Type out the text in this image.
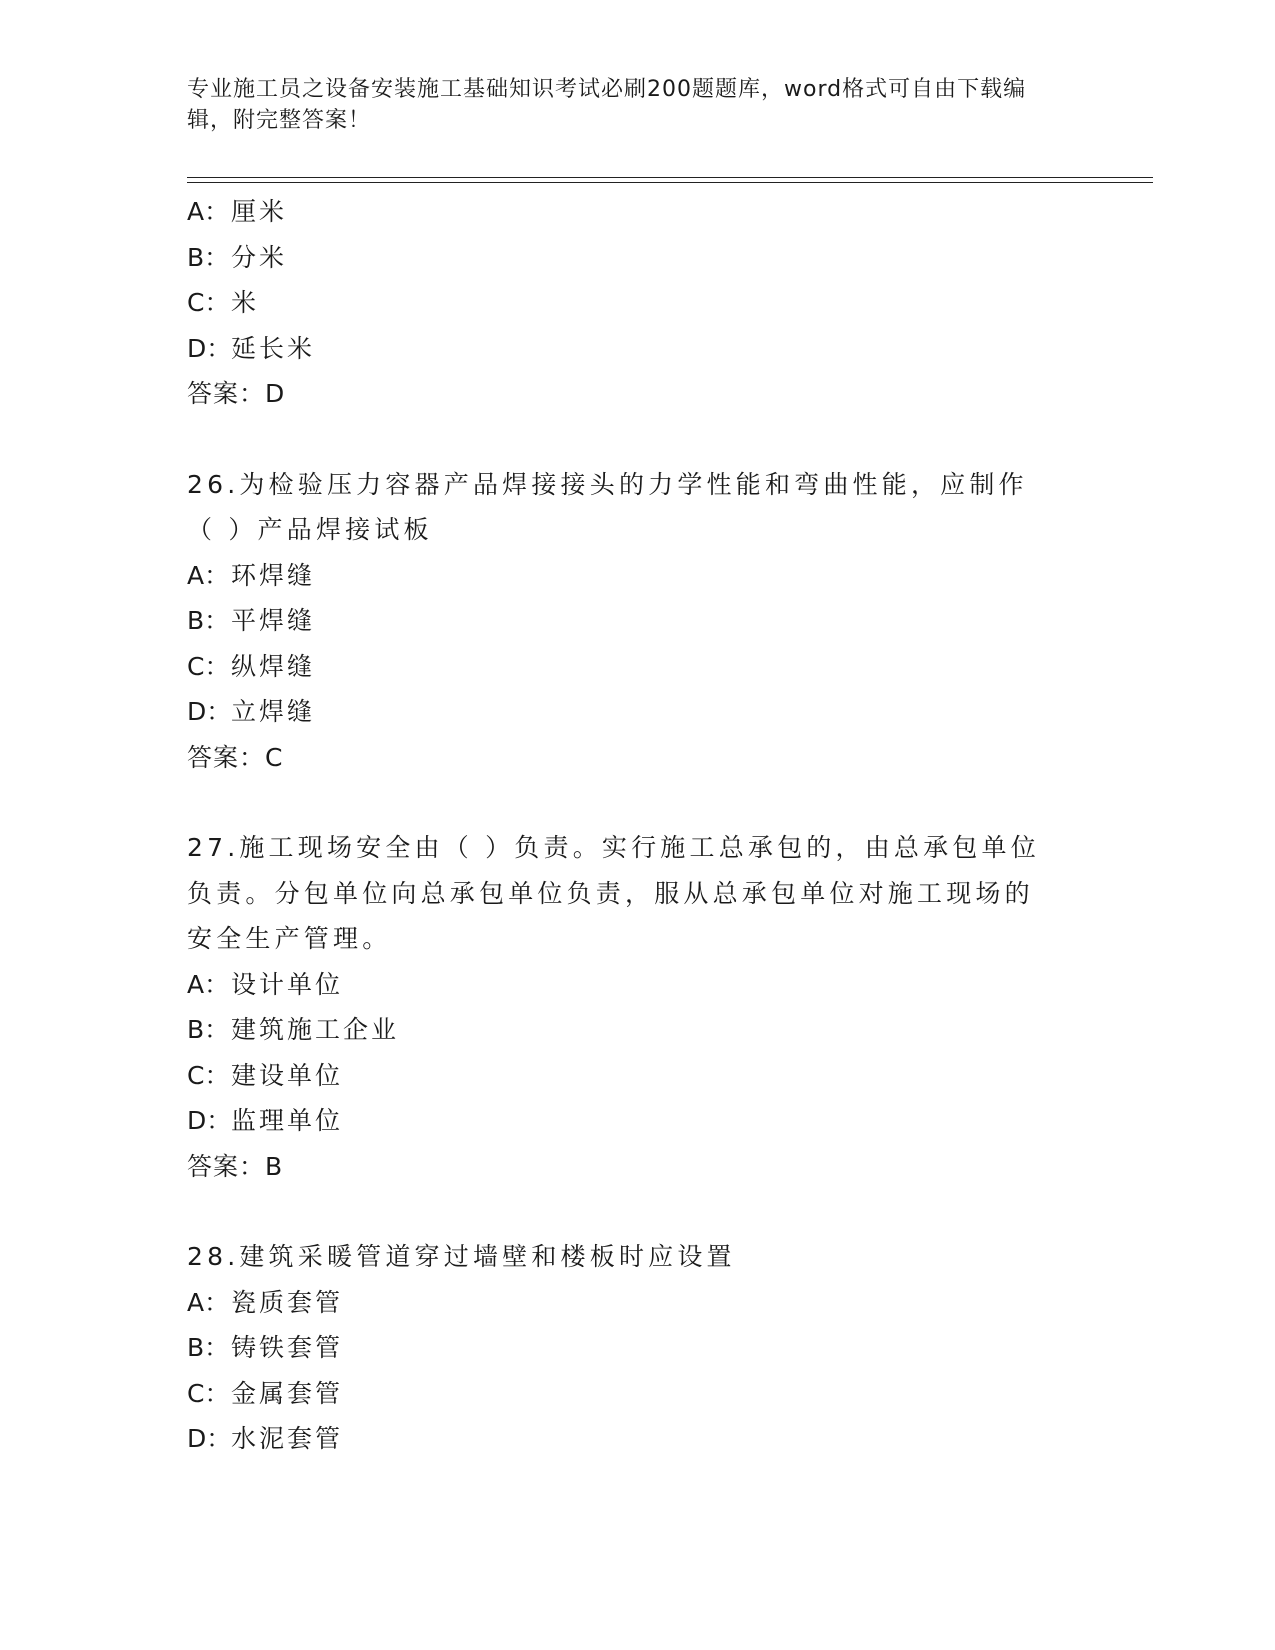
专业施工员之设备安装施工基础知识考试必刷200题题库，word格式可自由下载编辑，附完整答案！
A：厘米
B：分米
C：米
D：延长米
答案：D
26.为检验压力容器产品焊接接头的力学性能和弯曲性能，应制作（ ）产品焊接试板
A：环焊缝
B：平焊缝
C：纵焊缝
D：立焊缝
答案：C
27.施工现场安全由（ ）负责。实行施工总承包的，由总承包单位负责。分包单位向总承包单位负责，服从总承包单位对施工现场的安全生产管理。
A：设计单位
B：建筑施工企业
C：建设单位
D：监理单位
答案：B
28.建筑采暖管道穿过墙壁和楼板时应设置
A：瓷质套管
B：铸铁套管
C：金属套管
D：水泥套管
